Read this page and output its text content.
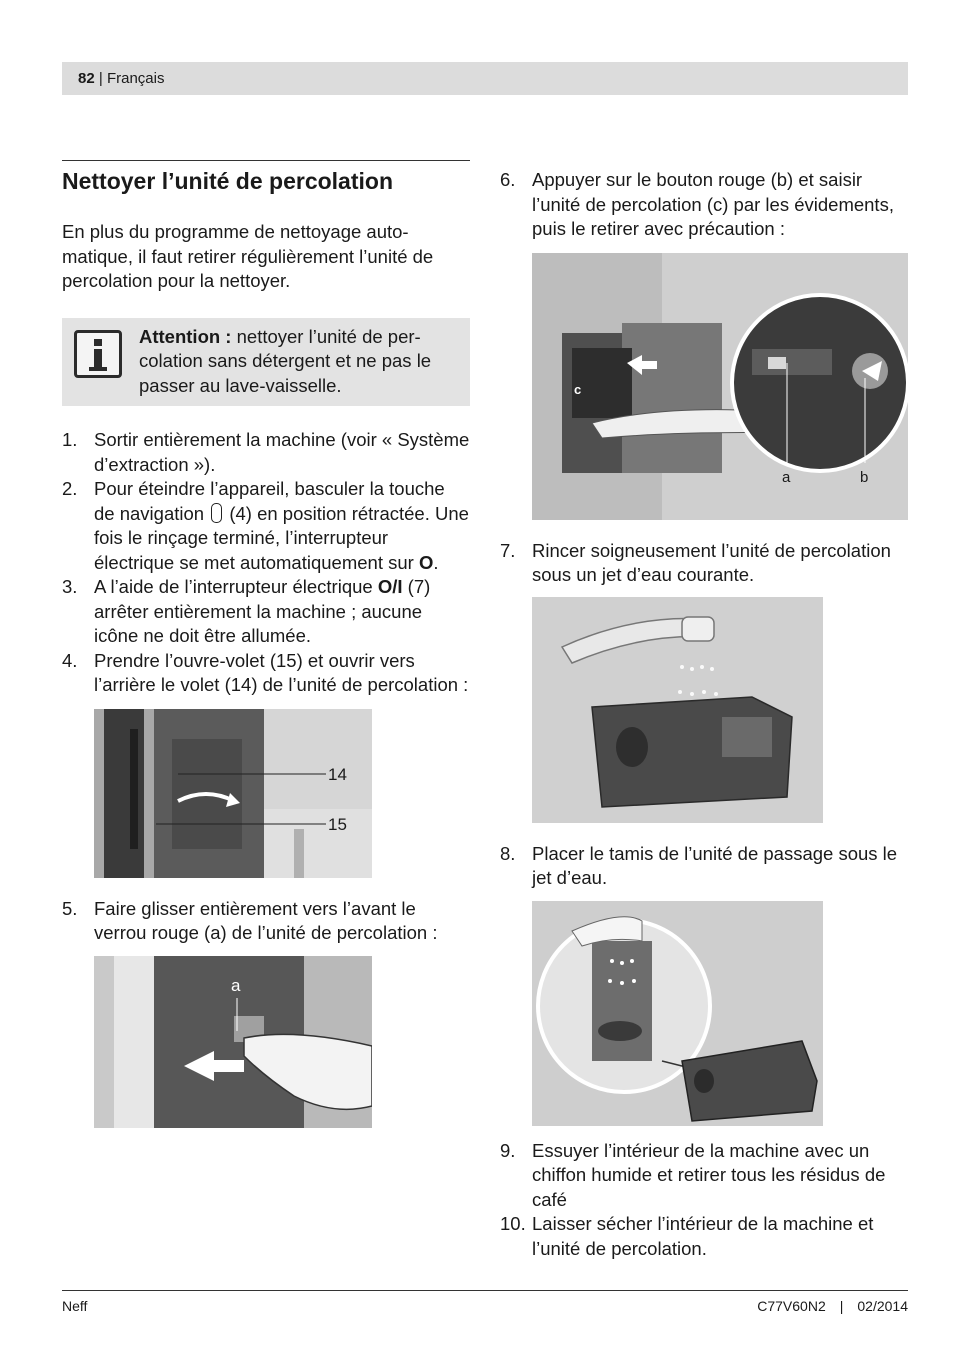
82 | Français
Nettoyer l’unité de percolation

En plus du programme de nettoyage automatique, il faut retirer régulièrement l’unité de percolation pour la nettoyer.

Attention : nettoyer l’unité de percolation sans détergent et ne pas le passer au lave-vaisselle.
1. Sortir entièrement la machine (voir « Système d’extraction »).
2. Pour éteindre l’appareil, basculer la touche de navigation (4) en position rétractée. Une fois le rinçage terminé, l’interrupteur électrique se met automatiquement sur O.
3. A l’aide de l’interrupteur électrique O/I (7) arrêter entièrement la machine ; aucune icône ne doit être allumée.
4. Prendre l’ouvre-volet (15) et ouvrir vers l’arrière le volet (14) de l’unité de percolation :
14
15
5. Faire glisser entièrement vers l’avant le verrou rouge (a) de l’unité de percolation :
a
6. Appuyer sur le bouton rouge (b) et saisir l’unité de percolation (c) par les évidements, puis le retirer avec précaution :
c
a	b
7. Rincer soigneusement l’unité de percolation sous un jet d’eau courante.
8. Placer le tamis de l’unité de passage sous le jet d’eau.
9. Essuyer l’intérieur de la machine avec un chiffon humide et retirer tous les résidus de café
10. Laisser sécher l’intérieur de la machine et l’unité de percolation.
Neff	C77V60N2 | 02/2014
